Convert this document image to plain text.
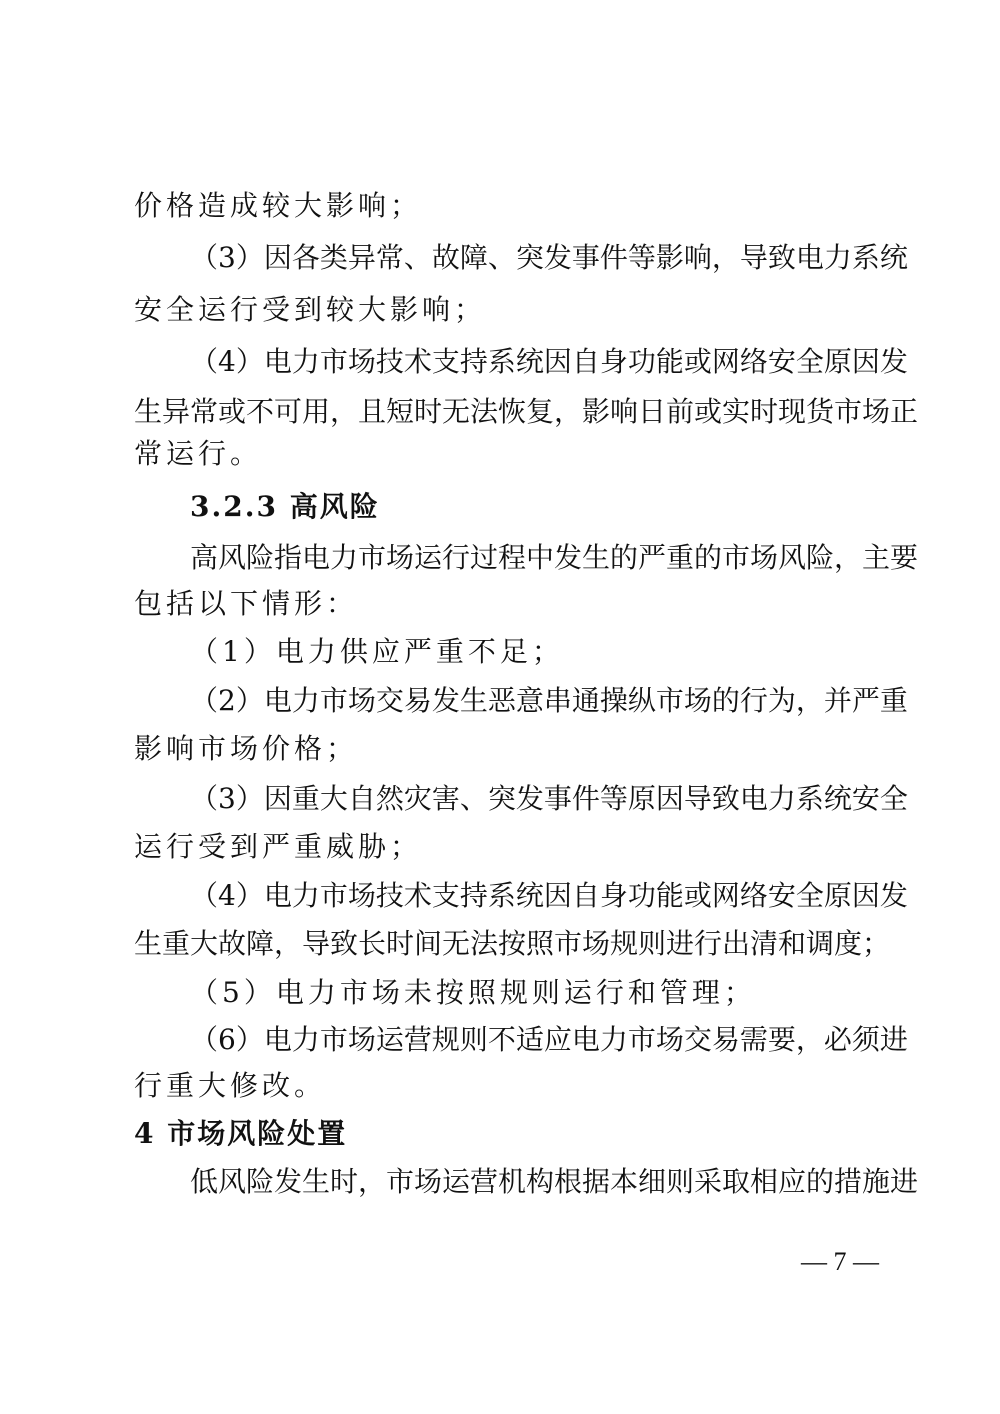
价格造成较大影响；
（3）因各类异常、故障、突发事件等影响，导致电力系统
安全运行受到较大影响；
（4）电力市场技术支持系统因自身功能或网络安全原因发
生异常或不可用，且短时无法恢复，影响日前或实时现货市场正
常运行。
3.2.3 高风险
高风险指电力市场运行过程中发生的严重的市场风险，主要
包括以下情形：
（1）电力供应严重不足；
（2）电力市场交易发生恶意串通操纵市场的行为，并严重
影响市场价格；
（3）因重大自然灾害、突发事件等原因导致电力系统安全
运行受到严重威胁；
（4）电力市场技术支持系统因自身功能或网络安全原因发
生重大故障，导致长时间无法按照市场规则进行出清和调度；
（5）电力市场未按照规则运行和管理；
（6）电力市场运营规则不适应电力市场交易需要，必须进
行重大修改。
4 市场风险处置
低风险发生时，市场运营机构根据本细则采取相应的措施进
— 7 —
